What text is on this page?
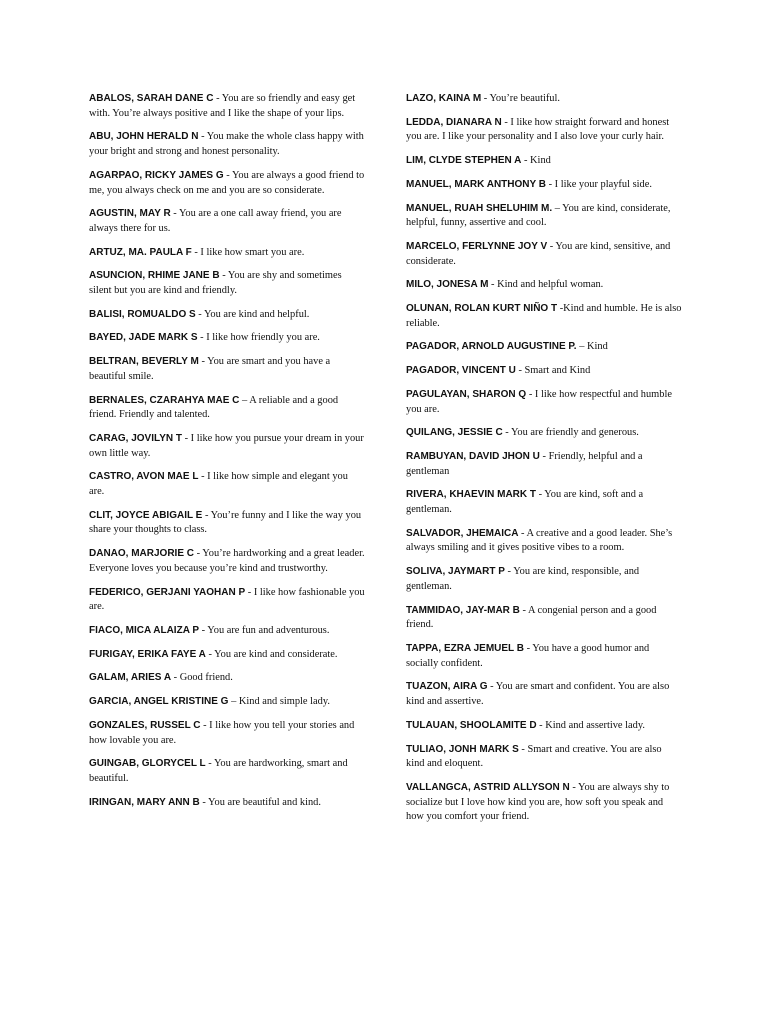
ABALOS, SARAH DANE C - You are so friendly and easy get with. You’re always positive and I like the shape of your lips.

ABU, JOHN HERALD N - You make the whole class happy with your bright and strong and honest personality.

AGARPAO, RICKY JAMES G - You are always a good friend to me, you always check on me and you are so considerate.

AGUSTIN, MAY R - You are a one call away friend, you are always there for us.

ARTUZ, MA. PAULA F - I like how smart you are.

ASUNCION, RHIME JANE B - You are shy and sometimes silent but you are kind and friendly.

BALISI, ROMUALDO S - You are kind and helpful.

BAYED, JADE MARK S - I like how friendly you are.

BELTRAN, BEVERLY M - You are smart and you have a beautiful smile.

BERNALES, CZARAHYA MAE C – A reliable and a good friend. Friendly and talented.

CARAG, JOVILYN T - I like how you pursue your dream in your own little way.

CASTRO, AVON MAE L - I like how simple and elegant you are.

CLIT, JOYCE ABIGAIL E - You’re funny and I like the way you share your thoughts to class.

DANAO, MARJORIE C - You’re hardworking and a great leader. Everyone loves you because you’re kind and trustworthy.

FEDERICO, GERJANI YAOHAN P - I like how fashionable you are.

FIACO, MICA ALAIZA P - You are fun and adventurous.

FURIGAY, ERIKA FAYE A - You are kind and considerate.

GALAM, ARIES A - Good friend.

GARCIA, ANGEL KRISTINE G – Kind and simple lady.

GONZALES, RUSSEL C - I like how you tell your stories and how lovable you are.

GUINGAB, GLORYCEL L - You are hardworking, smart and beautiful.

IRINGAN, MARY ANN B - You are beautiful and kind.

LAZO, KAINA M - You’re beautiful.

LEDDA, DIANARA N - I like how straight forward and honest you are. I like your personality and I also love your curly hair.

LIM, CLYDE STEPHEN A - Kind

MANUEL, MARK ANTHONY B - I like your playful side.

MANUEL, RUAH SHELUHIM M. – You are kind, considerate, helpful, funny, assertive and cool.

MARCELO, FERLYNNE JOY V - You are kind, sensitive, and considerate.

MILO, JONESA M - Kind and helpful woman.

OLUNAN, ROLAN KURT NIÑO T -Kind and humble. He is also reliable.

PAGADOR, ARNOLD AUGUSTINE P. – Kind

PAGADOR, VINCENT U - Smart and Kind

PAGULAYAN, SHARON Q - I like how respectful and humble you are.

QUILANG, JESSIE C - You are friendly and generous.

RAMBUYAN, DAVID JHON U - Friendly, helpful and a gentleman

RIVERA, KHAEVIN MARK T - You are kind, soft and a gentleman.

SALVADOR, JHEMAICA - A creative and a good leader. She’s always smiling and it gives positive vibes to a room.

SOLIVA, JAYMART P - You are kind, responsible, and gentleman.

TAMMIDAO, JAY-MAR B - A congenial person and a good friend.

TAPPA, EZRA JEMUEL B - You have a good humor and socially confident.

TUAZON, AIRA G - You are smart and confident. You are also kind and assertive.

TULAUAN, SHOOLAMITE D - Kind and assertive lady.

TULIAO, JONH MARK S - Smart and creative. You are also kind and eloquent.

VALLANGCA, ASTRID ALLYSON N - You are always shy to socialize but I love how kind you are, how soft you speak and how you comfort your friend.
